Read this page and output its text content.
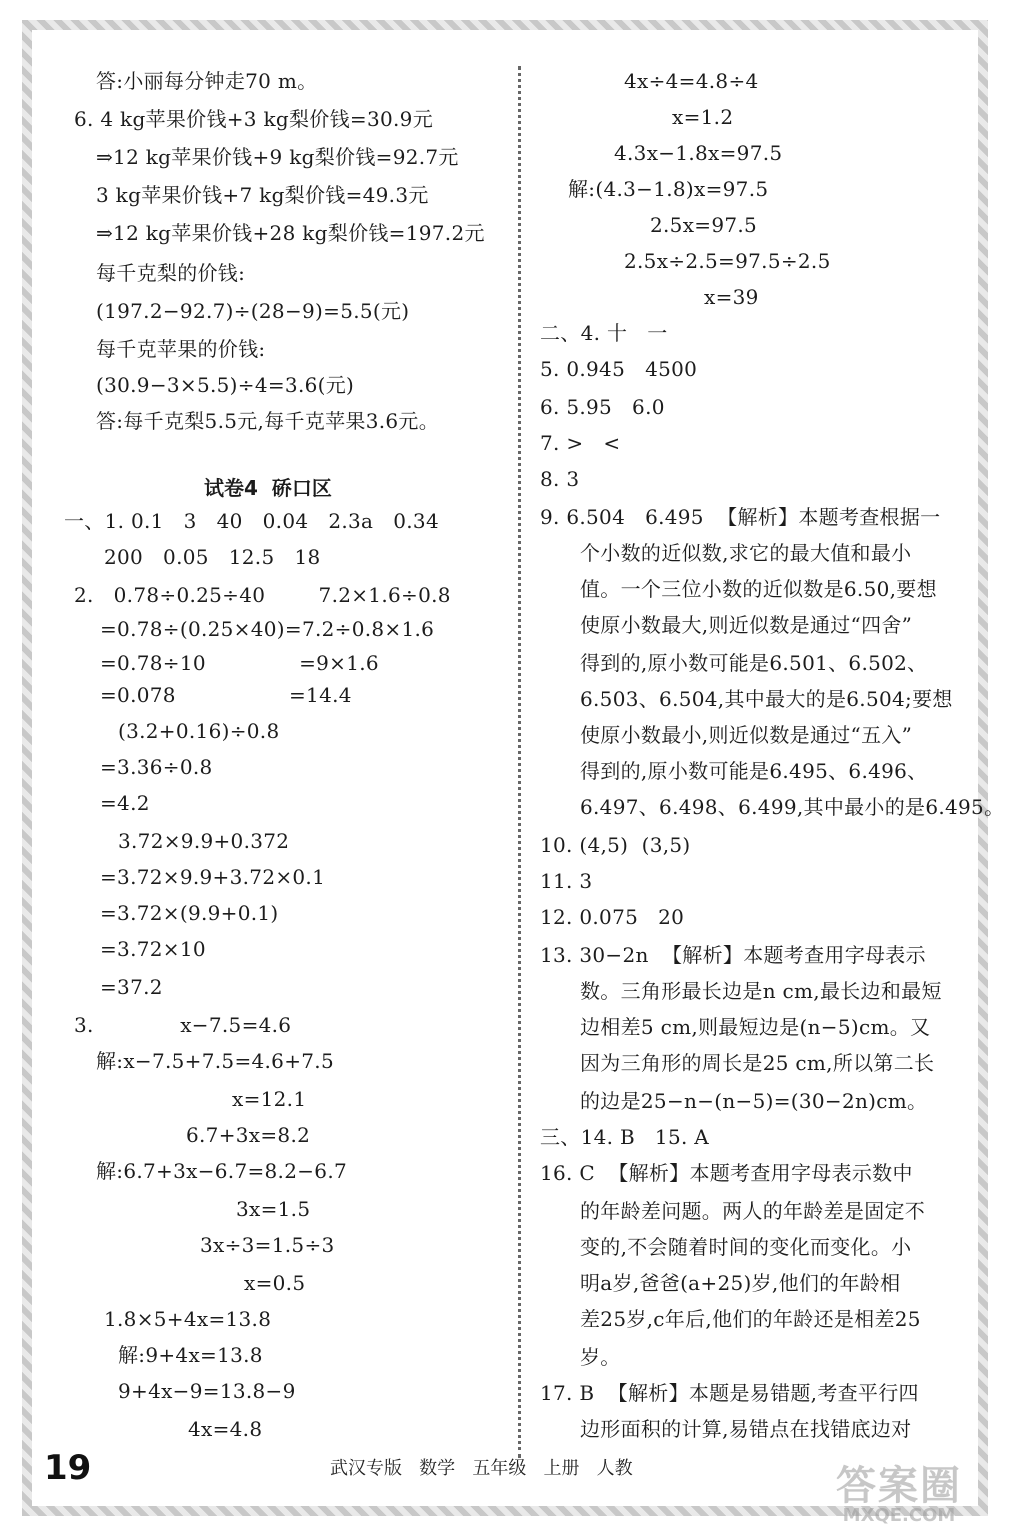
答:小丽每分钟走70 m。
6. 4 kg苹果价钱+3 kg梨价钱=30.9元
⇒12 kg苹果价钱+9 kg梨价钱=92.7元
3 kg苹果价钱+7 kg梨价钱=49.3元
⇒12 kg苹果价钱+28 kg梨价钱=197.2元
每千克梨的价钱:
(197.2−92.7)÷(28−9)=5.5(元)
每千克苹果的价钱:
(30.9−3×5.5)÷4=3.6(元)
答:每千克梨5.5元,每千克苹果3.6元。
试卷4  硚口区
一、1. 0.1   3   40   0.04   2.3a   0.34
200   0.05   12.5   18
2.   0.78÷0.25÷40        7.2×1.6÷0.8
=0.78÷(0.25×40)=7.2÷0.8×1.6
=0.78÷10              =9×1.6
=0.078                 =14.4
(3.2+0.16)÷0.8
=3.36÷0.8
=4.2
3.72×9.9+0.372
=3.72×9.9+3.72×0.1
=3.72×(9.9+0.1)
=3.72×10
=37.2
3.             x−7.5=4.6
解:x−7.5+7.5=4.6+7.5
x=12.1
6.7+3x=8.2
解:6.7+3x−6.7=8.2−6.7
3x=1.5
3x÷3=1.5÷3
x=0.5
1.8×5+4x=13.8
解:9+4x=13.8
9+4x−9=13.8−9
4x=4.8
4x÷4=4.8÷4
x=1.2
4.3x−1.8x=97.5
解:(4.3−1.8)x=97.5
2.5x=97.5
2.5x÷2.5=97.5÷2.5
x=39
二、4. 十   一
5. 0.945   4500
6. 5.95   6.0
7. >   <
8. 3
9. 6.504   6.495  【解析】本题考查根据一
个小数的近似数,求它的最大值和最小
值。一个三位小数的近似数是6.50,要想
使原小数最大,则近似数是通过“四舍”
得到的,原小数可能是6.501、6.502、
6.503、6.504,其中最大的是6.504;要想
使原小数最小,则近似数是通过“五入”
得到的,原小数可能是6.495、6.496、
6.497、6.498、6.499,其中最小的是6.495。
10. (4,5)  (3,5)
11. 3
12. 0.075   20
13. 30−2n  【解析】本题考查用字母表示
数。三角形最长边是n cm,最长边和最短
边相差5 cm,则最短边是(n−5)cm。又
因为三角形的周长是25 cm,所以第二长
的边是25−n−(n−5)=(30−2n)cm。
三、14. B   15. A
16. C  【解析】本题考查用字母表示数中
的年龄差问题。两人的年龄差是固定不
变的,不会随着时间的变化而变化。小
明a岁,爸爸(a+25)岁,他们的年龄相
差25岁,c年后,他们的年龄还是相差25
岁。
17. B  【解析】本题是易错题,考查平行四
边形面积的计算,易错点在找错底边对
19	武汉专版   数学   五年级   上册   人教	答案圈
MXQE.COM
